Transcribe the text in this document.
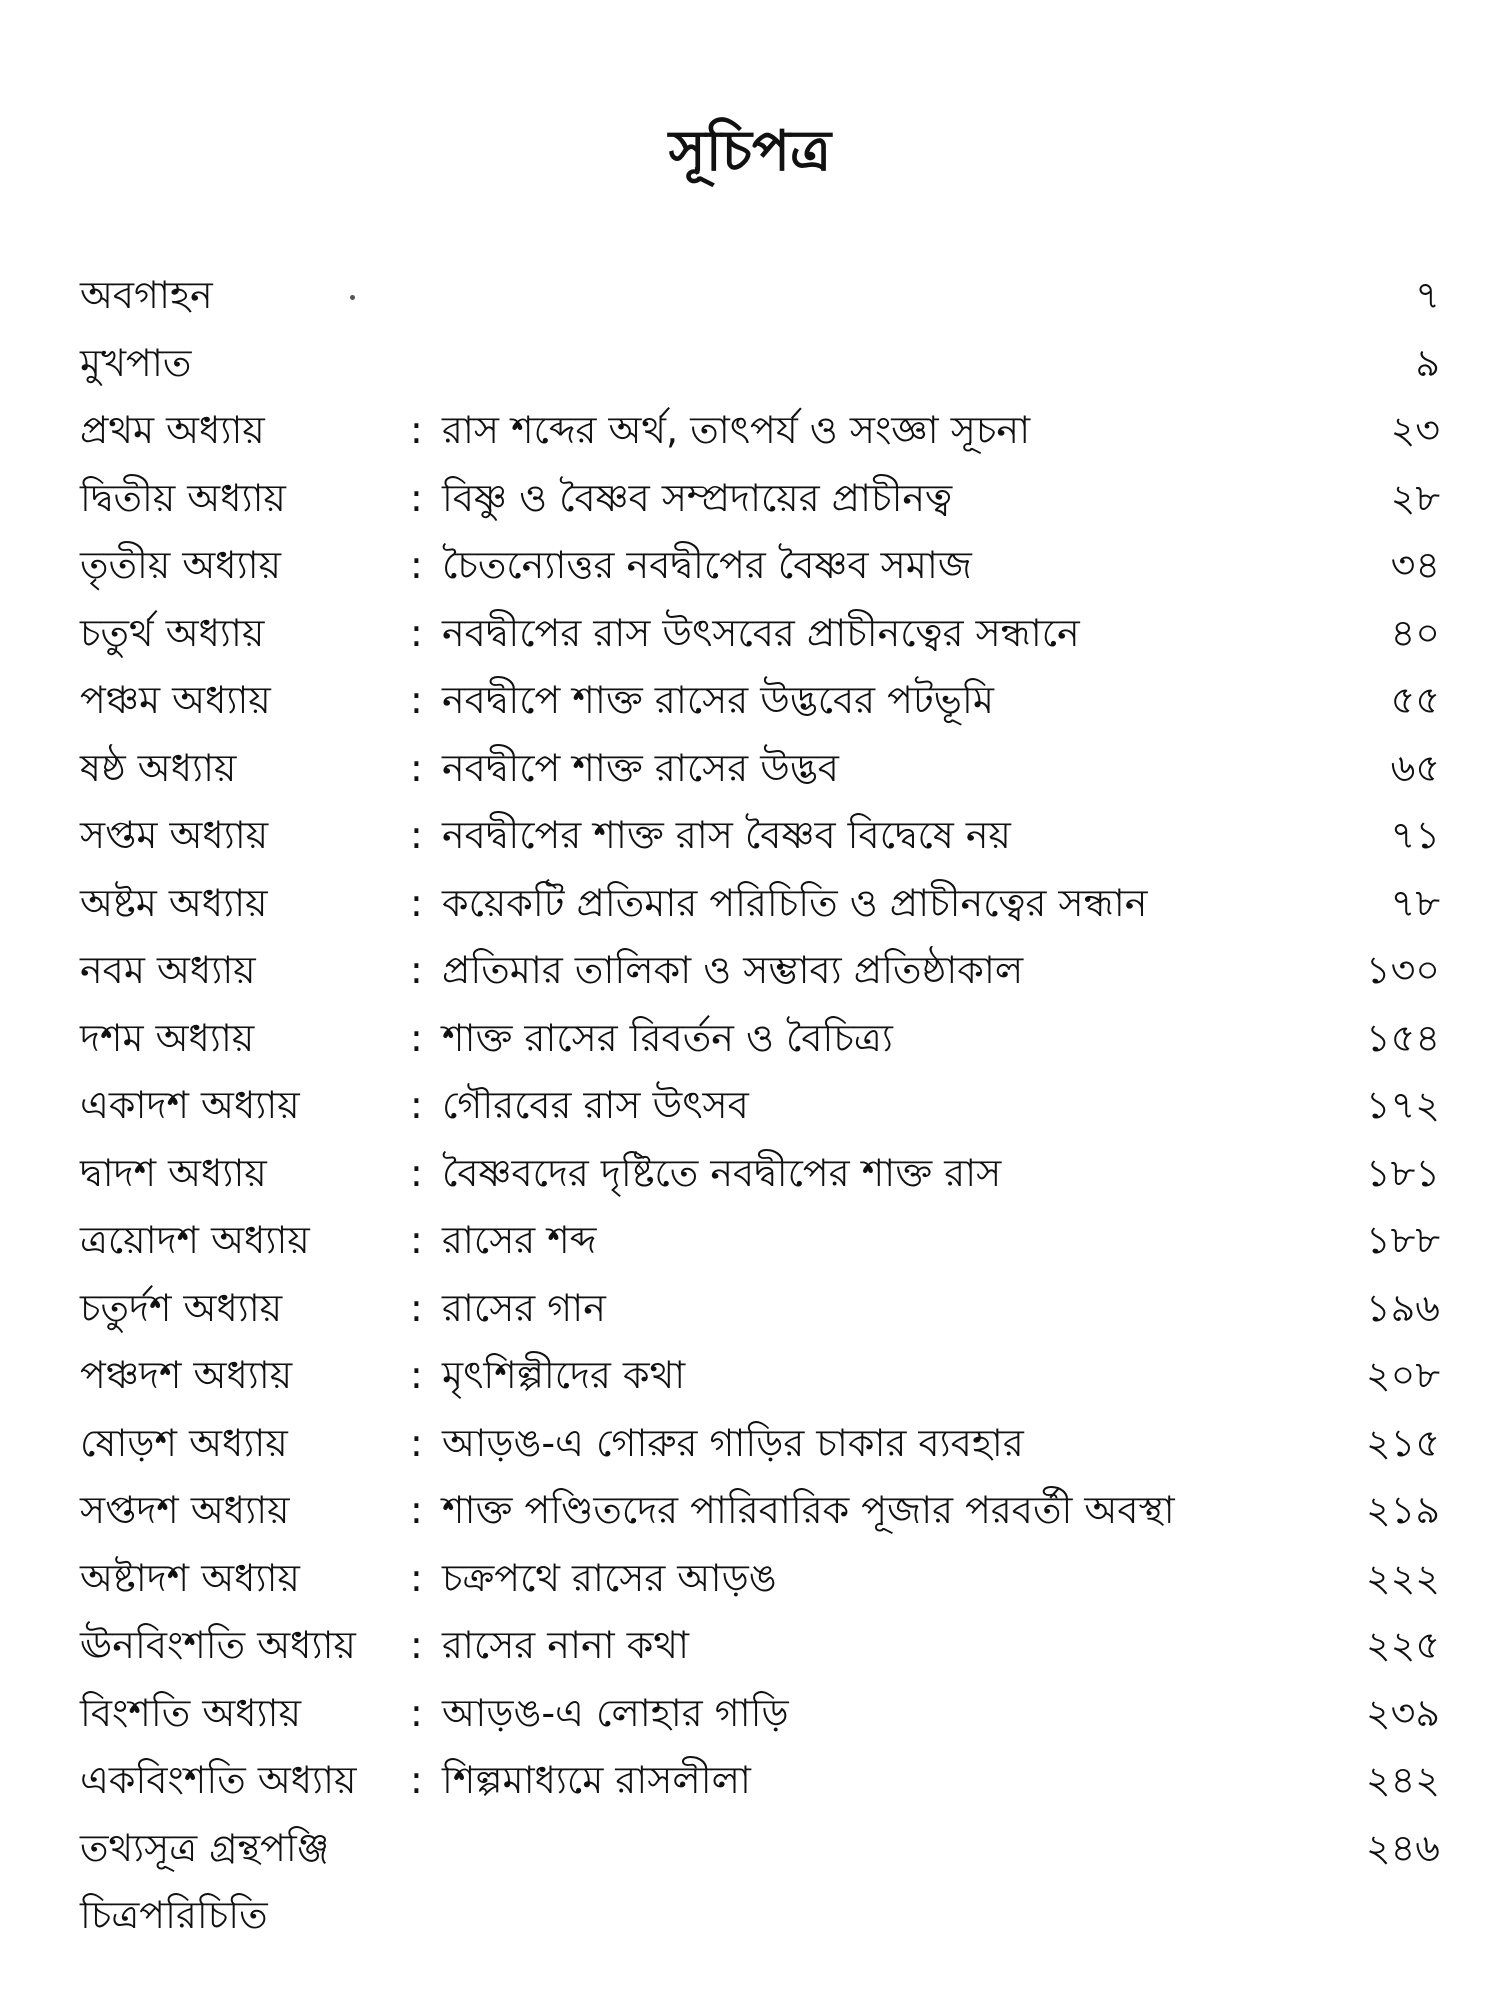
সূচিপত্র
অবগাহন	৭
মুখপাত	৯
প্রথম অধ্যায়	: রাস শব্দের অর্থ, তাৎপর্য ও সংজ্ঞা সূচনা	২৩
দ্বিতীয় অধ্যায়	: বিষ্ণু ও বৈষ্ণব সম্প্রদায়ের প্রাচীনত্ব	২৮
তৃতীয় অধ্যায়	: চৈতন্যোত্তর নবদ্বীপের বৈষ্ণব সমাজ	৩৪
চতুর্থ অধ্যায়	: নবদ্বীপের রাস উৎসবের প্রাচীনত্বের সন্ধানে	৪০
পঞ্চম অধ্যায়	: নবদ্বীপে শাক্ত রাসের উদ্ভবের পটভূমি	৫৫
ষষ্ঠ অধ্যায়	: নবদ্বীপে শাক্ত রাসের উদ্ভব	৬৫
সপ্তম অধ্যায়	: নবদ্বীপের শাক্ত রাস বৈষ্ণব বিদ্বেষে নয়	৭১
অষ্টম অধ্যায়	: কয়েকটি প্রতিমার পরিচিতি ও প্রাচীনত্বের সন্ধান	৭৮
নবম অধ্যায়	: প্রতিমার তালিকা ও সম্ভাব্য প্রতিষ্ঠাকাল	১৩০
দশম অধ্যায়	: শাক্ত রাসের রিবর্তন ও বৈচিত্র্য	১৫৪
একাদশ অধ্যায়	: গৌরবের রাস উৎসব	১৭২
দ্বাদশ অধ্যায়	: বৈষ্ণবদের দৃষ্টিতে নবদ্বীপের শাক্ত রাস	১৮১
ত্রয়োদশ অধ্যায়	: রাসের শব্দ	১৮৮
চতুর্দশ অধ্যায়	: রাসের গান	১৯৬
পঞ্চদশ অধ্যায়	: মৃৎশিল্পীদের কথা	২০৮
ষোড়শ অধ্যায়	: আড়ঙ-এ গোরুর গাড়ির চাকার ব্যবহার	২১৫
সপ্তদশ অধ্যায়	: শাক্ত পণ্ডিতদের পারিবারিক পূজার পরবর্তী অবস্থা	২১৯
অষ্টাদশ অধ্যায়	: চক্রপথে রাসের আড়ঙ	২২২
ঊনবিংশতি অধ্যায় : রাসের নানা কথা	২২৫
বিংশতি অধ্যায়	: আড়ঙ-এ লোহার গাড়ি	২৩৯
একবিংশতি অধ্যায় : শিল্পমাধ্যমে রাসলীলা	২৪২
তথ্যসূত্র গ্রন্থপঞ্জি	২৪৬
চিত্রপরিচিতি
